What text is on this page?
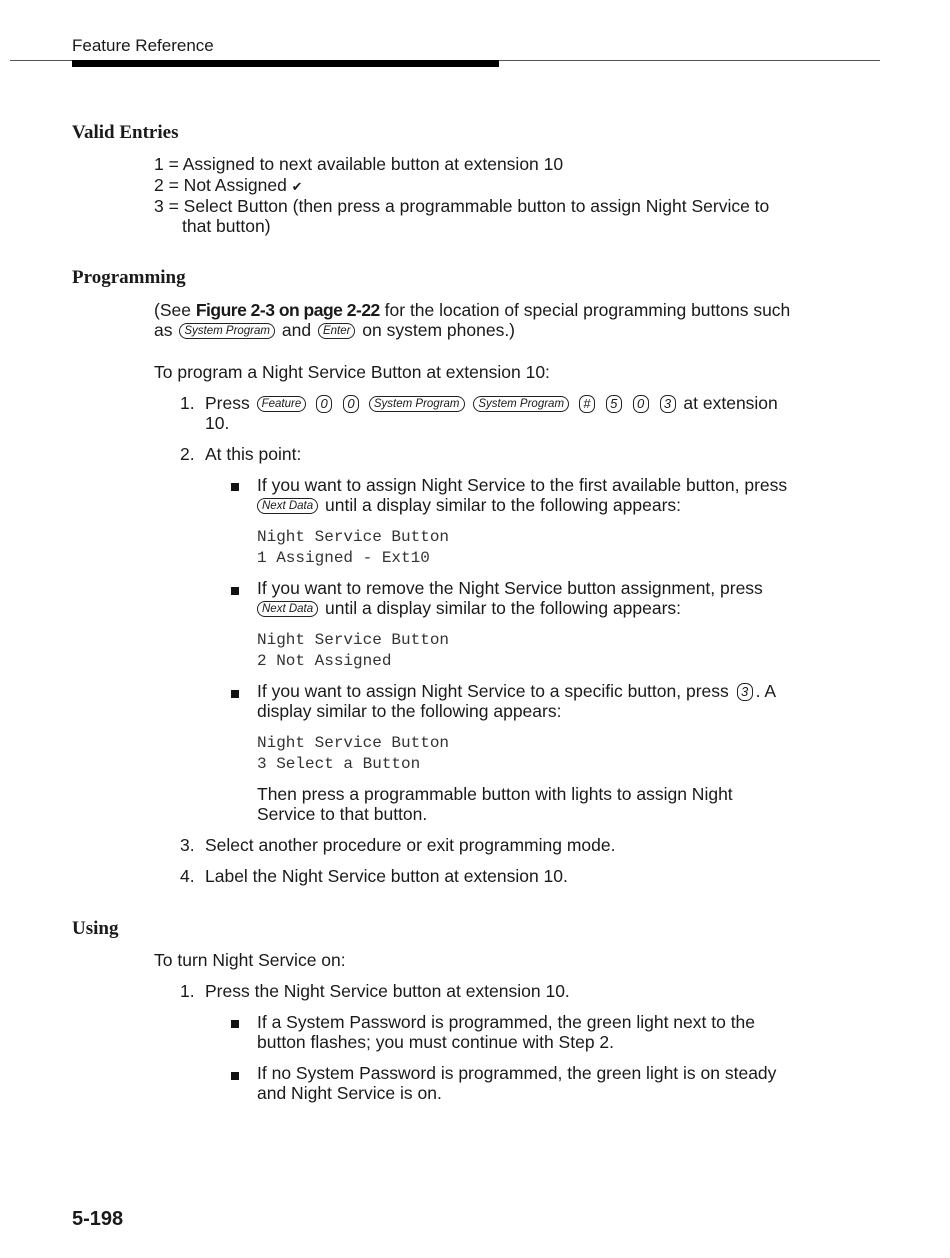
Feature Reference
Valid Entries
1 = Assigned to next available button at extension 10
2 = Not Assigned ✔
3 = Select Button (then press a programmable button to assign Night Service to
that button)
Programming
(See Figure 2-3 on page 2-22 for the location of special programming buttons such
as System Program and Enter on system phones.)
To program a Night Service Button at extension 10:
1. Press Feature 0 0 System Program System Program # 5 0 3 at extension
10.
2. At this point:
If you want to assign Night Service to the first available button, press
Next Data until a display similar to the following appears:
Night Service Button
1 Assigned - Ext10
If you want to remove the Night Service button assignment, press
Next Data until a display similar to the following appears:
Night Service Button
2 Not Assigned
If you want to assign Night Service to a specific button, press 3 . A
display similar to the following appears:
Night Service Button
3 Select a Button
Then press a programmable button with lights to assign Night
Service to that button.
3. Select another procedure or exit programming mode.
4. Label the Night Service button at extension 10.
Using
To turn Night Service on:
1. Press the Night Service button at extension 10.
If a System Password is programmed, the green light next to the
button flashes; you must continue with Step 2.
If no System Password is programmed, the green light is on steady
and Night Service is on.
5-198
